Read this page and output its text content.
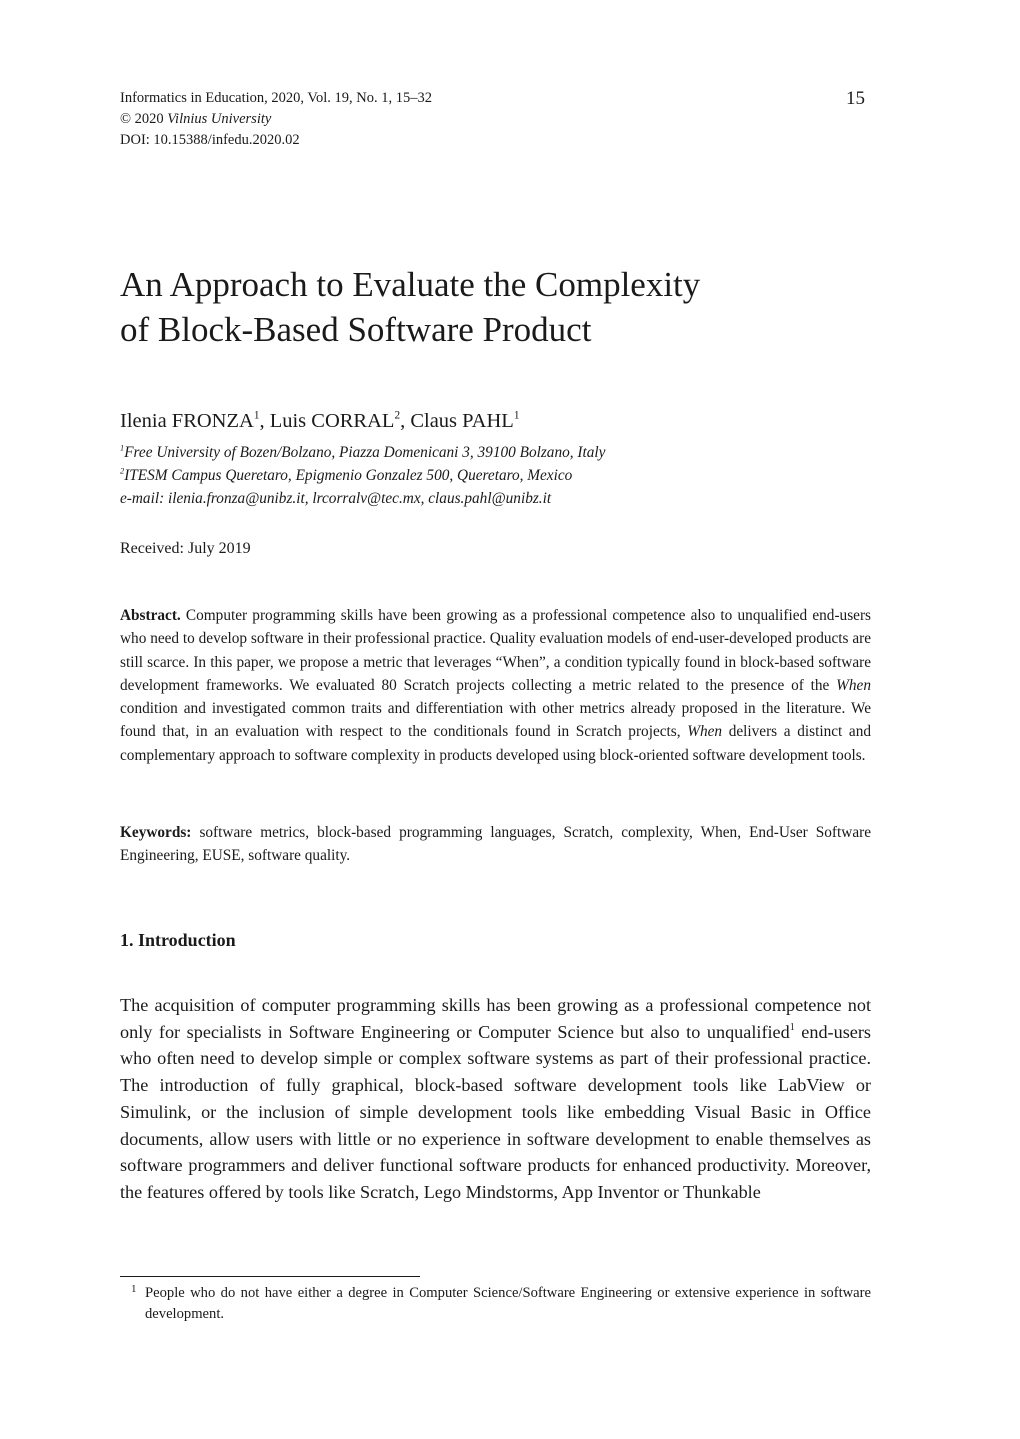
Informatics in Education, 2020, Vol. 19, No. 1, 15–32
© 2020 Vilnius University
DOI: 10.15388/infedu.2020.02
15
An Approach to Evaluate the Complexity
of Block-Based Software Product
Ilenia FRONZA$^1$, Luis CORRAL$^2$, Claus PAHL$^1$
$^1$Free University of Bozen/Bolzano, Piazza Domenicani 3, 39100 Bolzano, Italy
$^2$ITESM Campus Queretaro, Epigmenio Gonzalez 500, Queretaro, Mexico
e-mail: ilenia.fronza@unibz.it, lrcorralv@tec.mx, claus.pahl@unibz.it
Received: July 2019
Abstract. Computer programming skills have been growing as a professional competence also to unqualified end-users who need to develop software in their professional practice. Quality evaluation models of end-user-developed products are still scarce. In this paper, we propose a metric that leverages “When”, a condition typically found in block-based software development frameworks. We evaluated 80 Scratch projects collecting a metric related to the presence of the When condition and investigated common traits and differentiation with other metrics already proposed in the literature. We found that, in an evaluation with respect to the conditionals found in Scratch projects, When delivers a distinct and complementary approach to software complexity in products developed using block-oriented software development tools.
Keywords: software metrics, block-based programming languages, Scratch, complexity, When, End-User Software Engineering, EUSE, software quality.
1. Introduction
The acquisition of computer programming skills has been growing as a professional competence not only for specialists in Software Engineering or Computer Science but also to unqualified$^1$ end-users who often need to develop simple or complex software systems as part of their professional practice. The introduction of fully graphical, block-based software development tools like LabView or Simulink, or the inclusion of simple development tools like embedding Visual Basic in Office documents, allow users with little or no experience in software development to enable themselves as software programmers and deliver functional software products for enhanced productivity. Moreover, the features offered by tools like Scratch, Lego Mindstorms, App Inventor or Thunkable
1 People who do not have either a degree in Computer Science/Software Engineering or extensive experience in software development.
